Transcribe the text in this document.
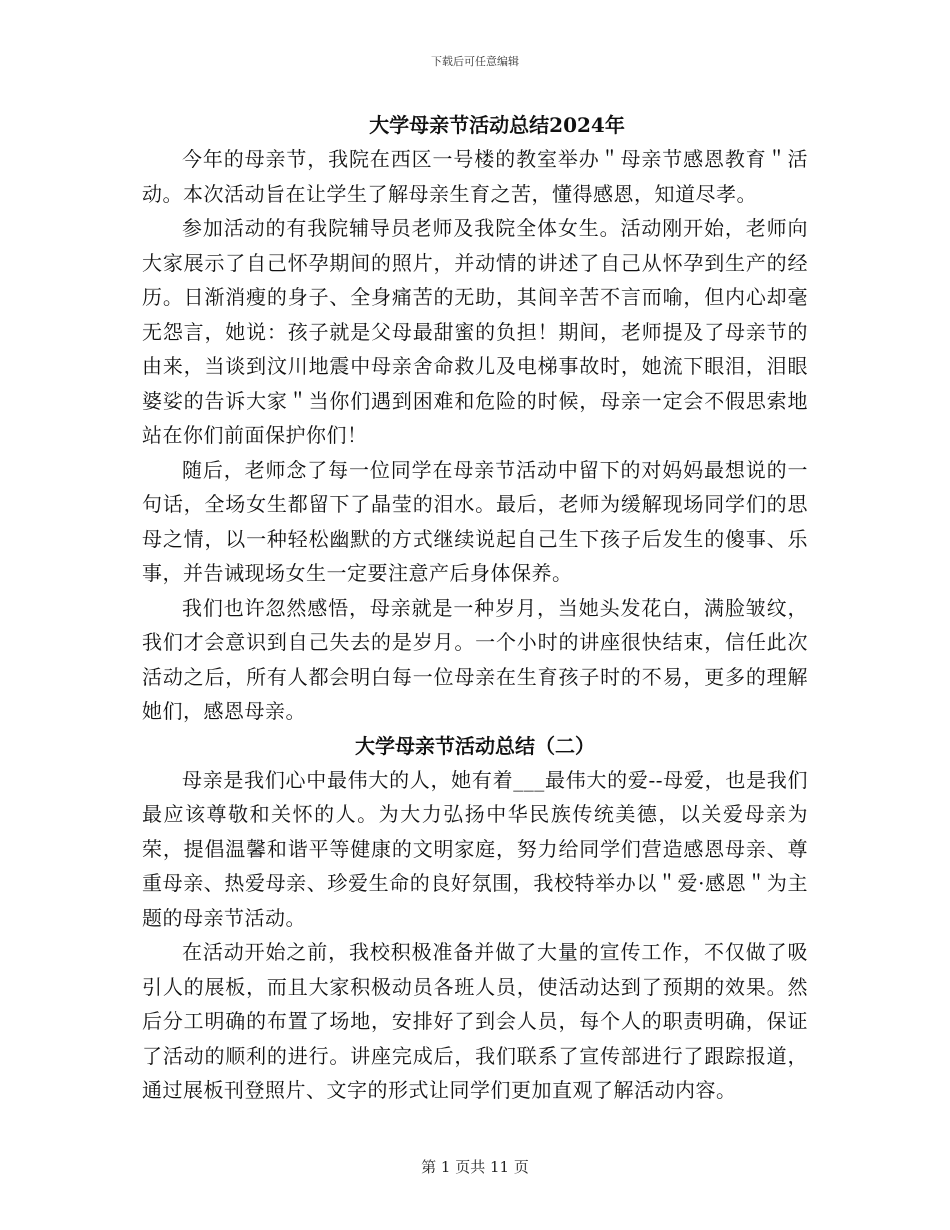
下载后可任意编辑
大学母亲节活动总结2024年

今年的母亲节，我院在西区一号楼的教室举办＂母亲节感恩教育＂活动。本次活动旨在让学生了解母亲生育之苦，懂得感恩，知道尽孝。

参加活动的有我院辅导员老师及我院全体女生。活动刚开始，老师向大家展示了自己怀孕期间的照片，并动情的讲述了自己从怀孕到生产的经历。日渐消瘦的身子、全身痛苦的无助，其间辛苦不言而喻，但内心却毫无怨言，她说：孩子就是父母最甜蜜的负担！期间，老师提及了母亲节的由来，当谈到汶川地震中母亲舍命救儿及电梯事故时，她流下眼泪，泪眼婆娑的告诉大家＂当你们遇到困难和危险的时候，母亲一定会不假思索地站在你们前面保护你们！

随后，老师念了每一位同学在母亲节活动中留下的对妈妈最想说的一句话，全场女生都留下了晶莹的泪水。最后，老师为缓解现场同学们的思母之情，以一种轻松幽默的方式继续说起自己生下孩子后发生的傻事、乐事，并告诫现场女生一定要注意产后身体保养。

我们也许忽然感悟，母亲就是一种岁月，当她头发花白，满脸皱纹，我们才会意识到自己失去的是岁月。一个小时的讲座很快结束，信任此次活动之后，所有人都会明白每一位母亲在生育孩子时的不易，更多的理解她们，感恩母亲。

大学母亲节活动总结（二）

母亲是我们心中最伟大的人，她有着___最伟大的爱--母爱，也是我们最应该尊敬和关怀的人。为大力弘扬中华民族传统美德，以关爱母亲为荣，提倡温馨和谐平等健康的文明家庭，努力给同学们营造感恩母亲、尊重母亲、热爱母亲、珍爱生命的良好氛围，我校特举办以＂爱·感恩＂为主题的母亲节活动。

在活动开始之前，我校积极准备并做了大量的宣传工作，不仅做了吸引人的展板，而且大家积极动员各班人员，使活动达到了预期的效果。然后分工明确的布置了场地，安排好了到会人员，每个人的职责明确，保证了活动的顺利的进行。讲座完成后，我们联系了宣传部进行了跟踪报道，通过展板刊登照片、文字的形式让同学们更加直观了解活动内容。

第 1 页共 11 页
